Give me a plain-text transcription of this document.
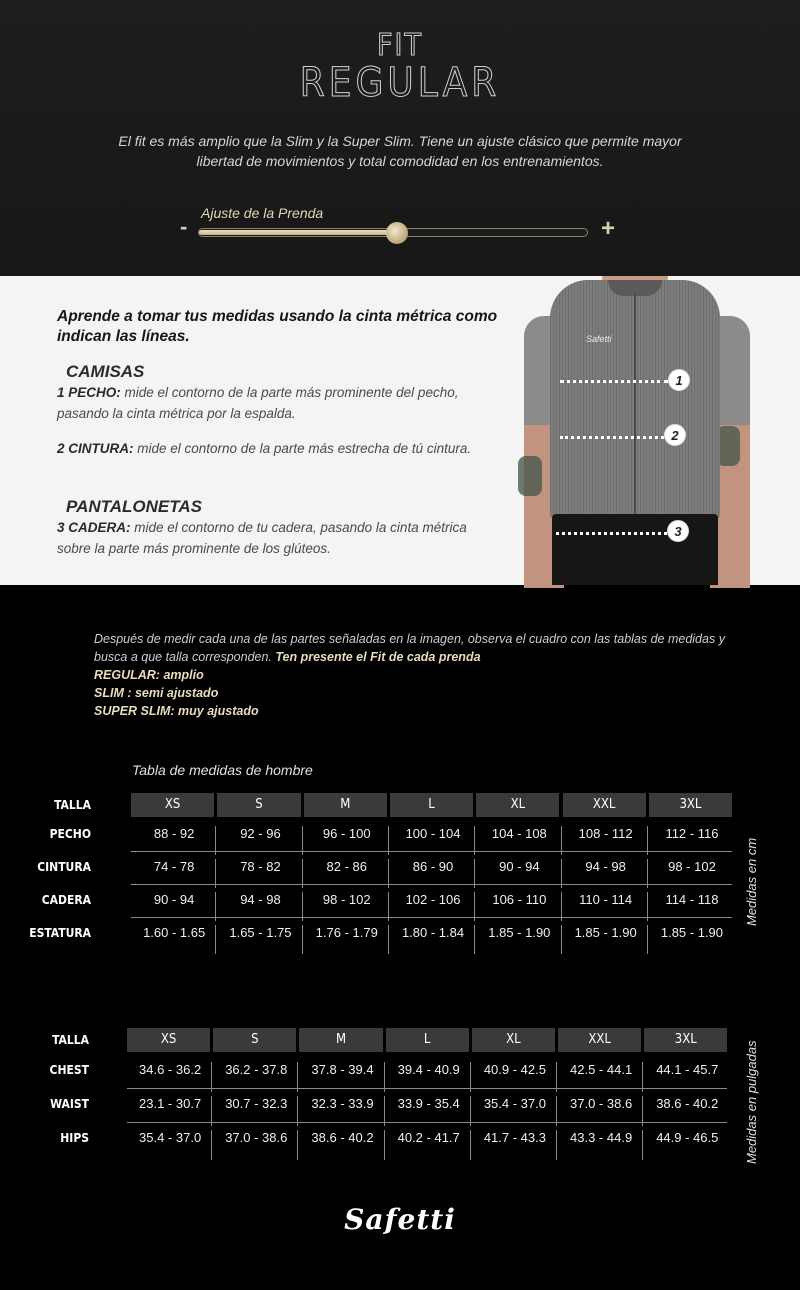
FIT
REGULAR
El fit es más amplio que la Slim y la Super Slim. Tiene un ajuste clásico que permite mayor libertad de movimientos y total comodidad en los entrenamientos.
Ajuste de la Prenda
-	+
Aprende a tomar tus medidas usando la cinta métrica como indican las líneas.
CAMISAS
1 PECHO: mide el contorno de la parte más prominente del pecho, pasando la cinta métrica por la espalda.
2 CINTURA: mide el contorno de la parte más estrecha de tú cintura.
PANTALONETAS
3 CADERA: mide el contorno de tu cadera, pasando la cinta métrica sobre la parte más prominente de los glúteos.
Safetti
1
2
3
Después de medir cada una de las partes señaladas en la imagen, observa el cuadro con las tablas de medidas y busca a que talla corresponden. Ten presente el Fit de cada prenda
REGULAR: amplio
SLIM : semi ajustado
SUPER SLIM: muy ajustado
Tabla de medidas de hombre
TALLA	XS	S	M	L	XL	XXL	3XL
PECHO	88 - 92	92 - 96	96 - 100	100 - 104	104 - 108	108 - 112	112 - 116
CINTURA	74 - 78	78 - 82	82 - 86	86 - 90	90 - 94	94 - 98	98 - 102
CADERA	90 - 94	94 - 98	98 - 102	102 - 106	106 - 110	110 - 114	114 - 118
ESTATURA	1.60 - 1.65	1.65 - 1.75	1.76 - 1.79	1.80 - 1.84	1.85 - 1.90	1.85 - 1.90	1.85 - 1.90
Medidas en cm
TALLA	XS	S	M	L	XL	XXL	3XL
CHEST	34.6 - 36.2	36.2 - 37.8	37.8 - 39.4	39.4 - 40.9	40.9 - 42.5	42.5 - 44.1	44.1 - 45.7
WAIST	23.1 - 30.7	30.7 - 32.3	32.3 - 33.9	33.9 - 35.4	35.4 - 37.0	37.0 - 38.6	38.6 - 40.2
HIPS	35.4 - 37.0	37.0 - 38.6	38.6 - 40.2	40.2 - 41.7	41.7 - 43.3	43.3 - 44.9	44.9 - 46.5	Medidas en pulgadas
Safetti
